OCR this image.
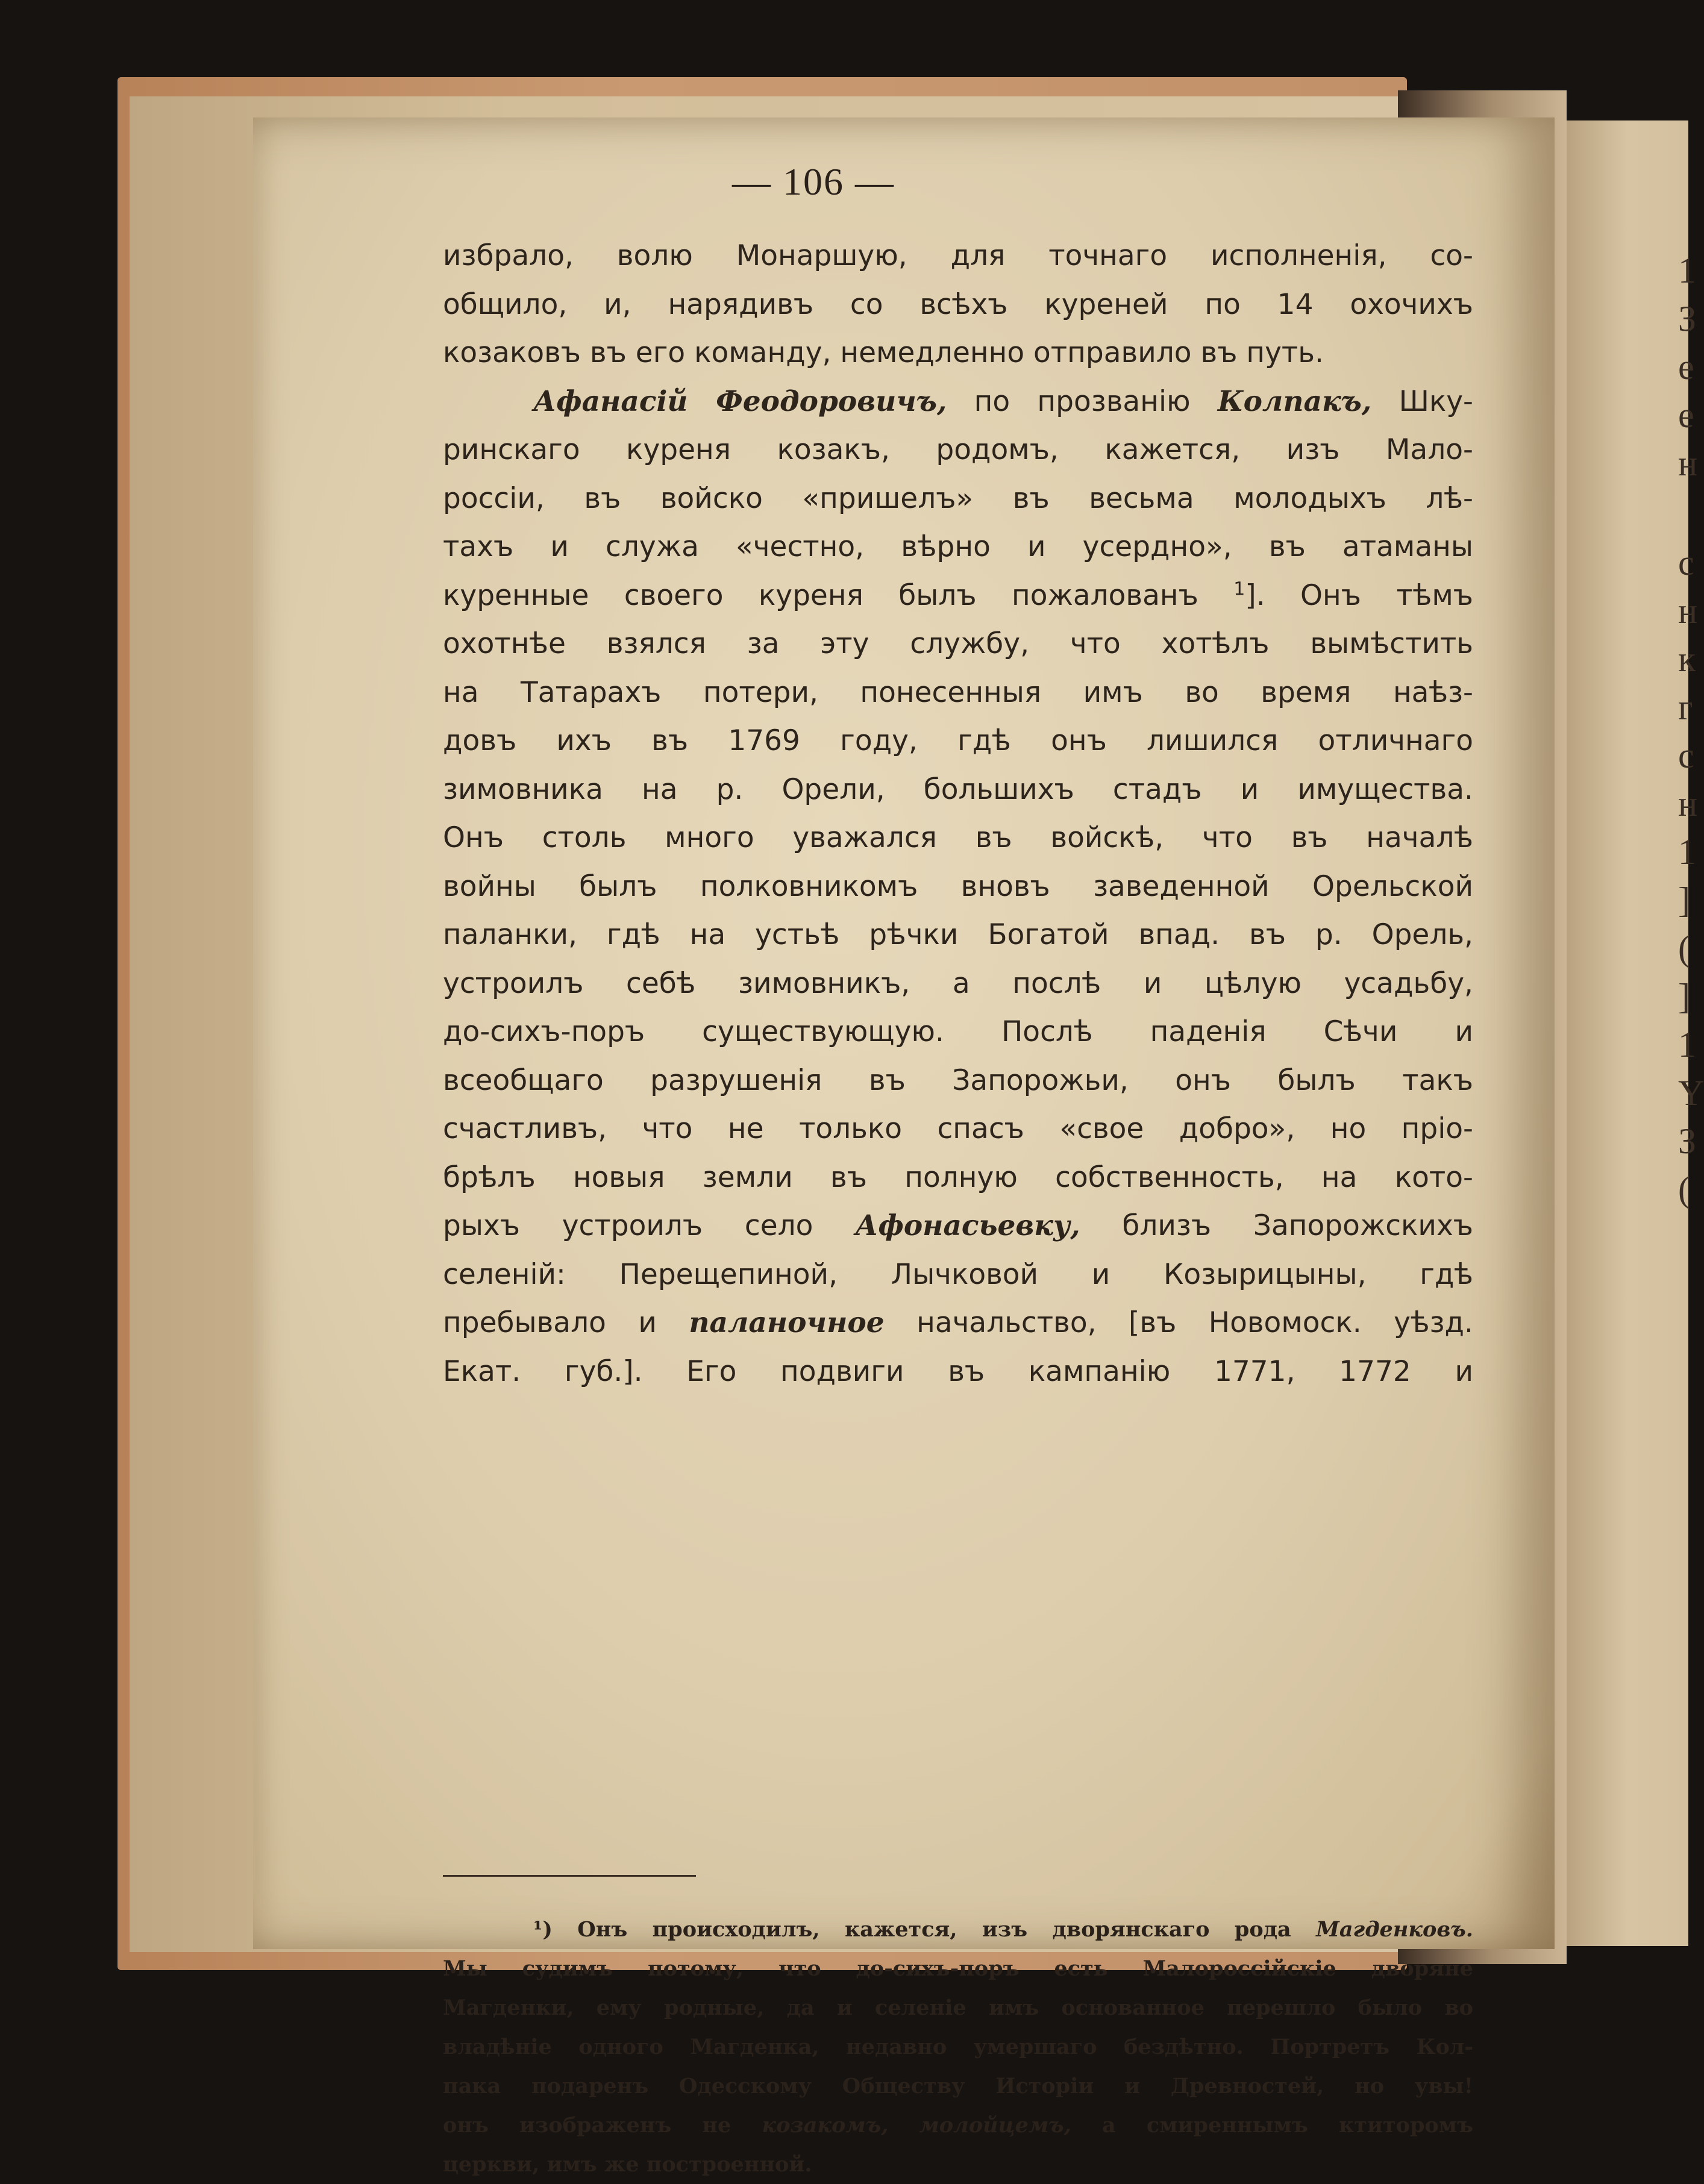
1
З
е
е
н
с
н
к
г
с
н
1
]
(
]
1
Y
З
(
— 106 —
избрало, волю Монаршую, для точнаго исполненія, со-
общило, и, нарядивъ со всѣхъ куреней по 14 охочихъ
козаковъ въ его команду, немедленно отправило въ путь.
Афанасій Феодоровичъ, по прозванію Колпакъ, Шку-
ринскаго куреня козакъ, родомъ, кажется, изъ Мало-
россіи, въ войско «пришелъ» въ весьма молодыхъ лѣ-
тахъ и служа «честно, вѣрно и усердно», въ атаманы
куренные своего куреня былъ пожалованъ $^1$]. Онъ тѣмъ
охотнѣе взялся за эту службу, что хотѣлъ вымѣстить
на Татарахъ потери, понесенныя имъ во время наѣз-
довъ ихъ въ 1769 году, гдѣ онъ лишился отличнаго
зимовника на р. Орели, большихъ стадъ и имущества.
Онъ столь много уважался въ войскѣ, что въ началѣ
войны былъ полковникомъ вновъ заведенной Орельской
паланки, гдѣ на устьѣ рѣчки Богатой впад. въ р. Орель,
устроилъ себѣ зимовникъ, а послѣ и цѣлую усадьбу,
до-сихъ-поръ существующую. Послѣ паденія Сѣчи и
всеобщаго разрушенія въ Запорожьи, онъ былъ такъ
счастливъ, что не только спасъ «свое добро», но пріо-
брѣлъ новыя земли въ полную собственность, на кото-
рыхъ устроилъ село Афонасьевку, близъ Запорожскихъ
селеній: Перещепиной, Лычковой и Козырицыны, гдѣ
пребывало и паланочное начальство, [въ Новомоск. уѣзд.
Екат. губ.]. Его подвиги въ кампанію 1771, 1772 и
¹) Онъ происходилъ, кажется, изъ дворянскаго рода Магденковъ.
Мы судимъ потому, что до-сихъ-поръ есть Малороссійскіе дворяне
Магденки, ему родные, да и селеніе имъ основанное перешло было во
владѣніе одного Магденка, недавно умершаго бездѣтно. Портретъ Кол-
пака подаренъ Одесскому Обществу Исторіи и Древностей, но увы!
онъ изображенъ не козакомъ, молойцемъ, а смиреннымъ ктиторомъ
церкви, имъ же построенной.
